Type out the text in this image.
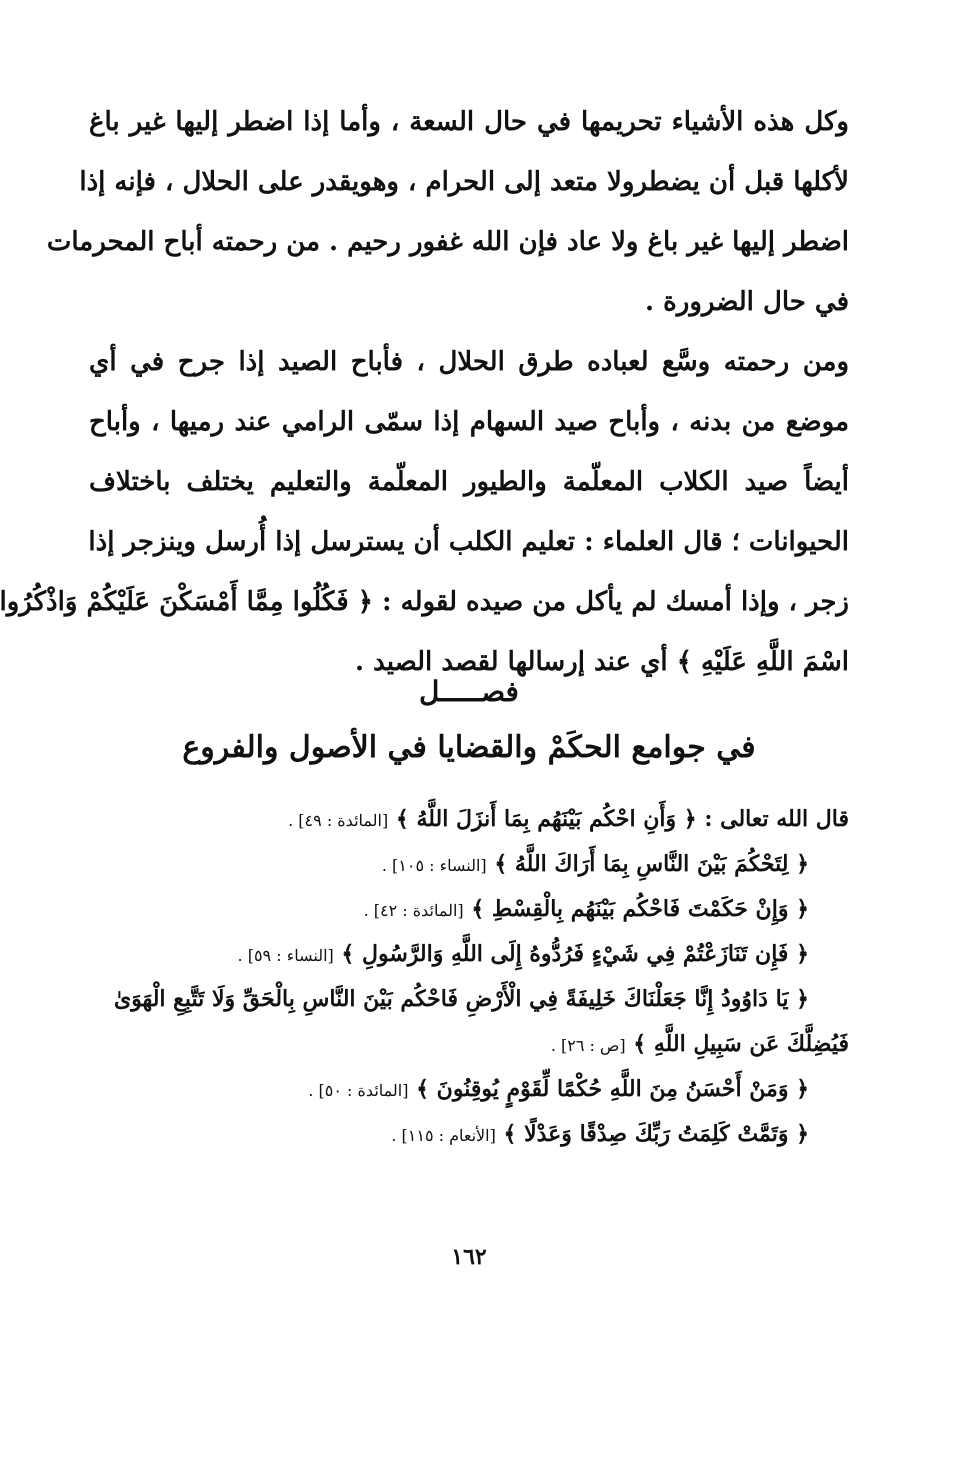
وكل هذه الأشياء تحريمها في حال السعة ، وأما إذا اضطر إليها غير باغ
لأكلها قبل أن يضطرولا متعد إلى الحرام ، وهويقدر على الحلال ، فإنه إذا
اضطر إليها غير باغ ولا عاد فإن الله غفور رحيم . من رحمته أباح المحرمات
في حال الضرورة .
ومن رحمته وسَّع لعباده طرق الحلال ، فأباح الصيد إذا جرح في أي
موضع من بدنه ، وأباح صيد السهام إذا سمّى الرامي عند رميها ، وأباح
أيضاً صيد الكلاب المعلّمة والطيور المعلّمة والتعليم يختلف باختلاف
الحيوانات ؛ قال العلماء : تعليم الكلب أن يسترسل إذا أُرسل وينزجر إذا
زجر ، وإذا أمسك لم يأكل من صيده لقوله : ﴿ فَكُلُوا مِمَّا أَمْسَكْنَ عَلَيْكُمْ وَاذْكُرُوا
اسْمَ اللَّهِ عَلَيْهِ ﴾ أي عند إرسالها لقصد الصيد .
فصـــــل
في جوامع الحكَمْ والقضايا في الأصول والفروع
قال الله تعالى : ﴿ وَأَنِ احْكُم بَيْنَهُم بِمَا أَنزَلَ اللَّهُ ﴾ [المائدة : ٤٩] .
﴿ لِتَحْكُمَ بَيْنَ النَّاسِ بِمَا أَرَاكَ اللَّهُ ﴾ [النساء : ١٠٥] .
﴿ وَإِنْ حَكَمْتَ فَاحْكُم بَيْنَهُم بِالْقِسْطِ ﴾ [المائدة : ٤٢] .
﴿ فَإِن تَنَازَعْتُمْ فِي شَيْءٍ فَرُدُّوهُ إِلَى اللَّهِ وَالرَّسُولِ ﴾ [النساء : ٥٩] .
﴿ يَا دَاوُودُ إِنَّا جَعَلْنَاكَ خَلِيفَةً فِي الْأَرْضِ فَاحْكُم بَيْنَ النَّاسِ بِالْحَقِّ وَلَا تَتَّبِعِ الْهَوَىٰ
فَيُضِلَّكَ عَن سَبِيلِ اللَّهِ ﴾ [ص : ٢٦] .
﴿ وَمَنْ أَحْسَنُ مِنَ اللَّهِ حُكْمًا لِّقَوْمٍ يُوقِنُونَ ﴾ [المائدة : ٥٠] .
﴿ وَتَمَّتْ كَلِمَتُ رَبِّكَ صِدْقًا وَعَدْلًا ﴾ [الأنعام : ١١٥] .
١٦٢
